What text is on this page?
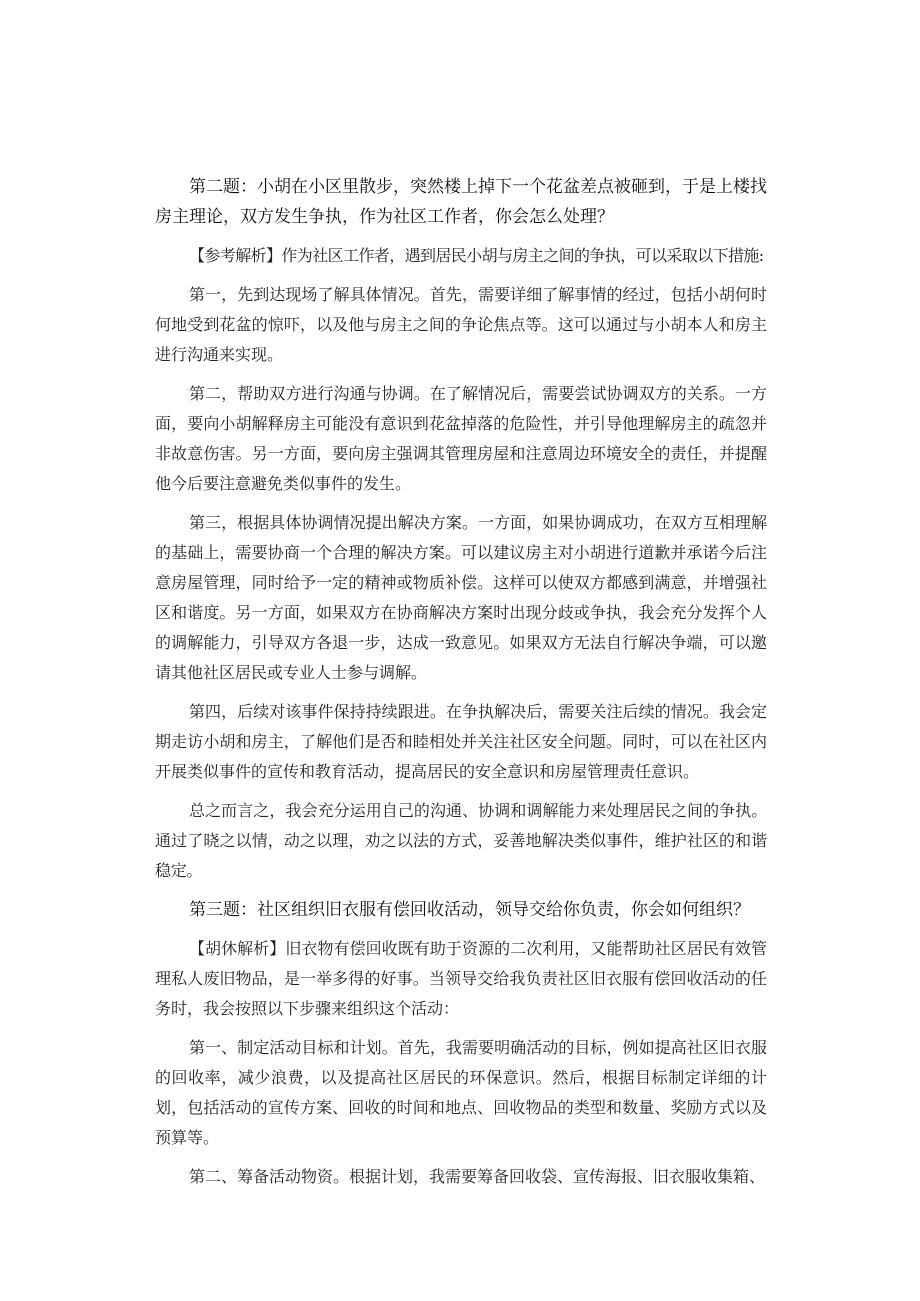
第二题：小胡在小区里散步，突然楼上掉下一个花盆差点被砸到，于是上楼找房主理论，双方发生争执，作为社区工作者，你会怎么处理？

【参考解析】作为社区工作者，遇到居民小胡与房主之间的争执，可以采取以下措施:

第一，先到达现场了解具体情况。首先，需要详细了解事情的经过，包括小胡何时何地受到花盆的惊吓，以及他与房主之间的争论焦点等。这可以通过与小胡本人和房主进行沟通来实现。

第二，帮助双方进行沟通与协调。在了解情况后，需要尝试协调双方的关系。一方面，要向小胡解释房主可能没有意识到花盆掉落的危险性，并引导他理解房主的疏忽并非故意伤害。另一方面，要向房主强调其管理房屋和注意周边环境安全的责任，并提醒他今后要注意避免类似事件的发生。

第三，根据具体协调情况提出解决方案。一方面，如果协调成功，在双方互相理解的基础上，需要协商一个合理的解决方案。可以建议房主对小胡进行道歉并承诺今后注意房屋管理，同时给予一定的精神或物质补偿。这样可以使双方都感到满意，并增强社区和谐度。另一方面，如果双方在协商解决方案时出现分歧或争执，我会充分发挥个人的调解能力，引导双方各退一步，达成一致意见。如果双方无法自行解决争端，可以邀请其他社区居民或专业人士参与调解。

第四，后续对该事件保持持续跟进。在争执解决后，需要关注后续的情况。我会定期走访小胡和房主，了解他们是否和睦相处并关注社区安全问题。同时，可以在社区内开展类似事件的宣传和教育活动，提高居民的安全意识和房屋管理责任意识。

总之而言之，我会充分运用自己的沟通、协调和调解能力来处理居民之间的争执。通过了晓之以情，动之以理，劝之以法的方式，妥善地解决类似事件，维护社区的和谐稳定。

第三题：社区组织旧衣服有偿回收活动，领导交给你负责，你会如何组织？

【胡休解析】旧衣物有偿回收既有助于资源的二次利用，又能帮助社区居民有效管理私人废旧物品，是一举多得的好事。当领导交给我负责社区旧衣服有偿回收活动的任务时，我会按照以下步骤来组织这个活动：

第一、制定活动目标和计划。首先，我需要明确活动的目标，例如提高社区旧衣服的回收率，减少浪费，以及提高社区居民的环保意识。然后，根据目标制定详细的计划，包括活动的宣传方案、回收的时间和地点、回收物品的类型和数量、奖励方式以及预算等。

第二、筹备活动物资。根据计划，我需要筹备回收袋、宣传海报、旧衣服收集箱、
